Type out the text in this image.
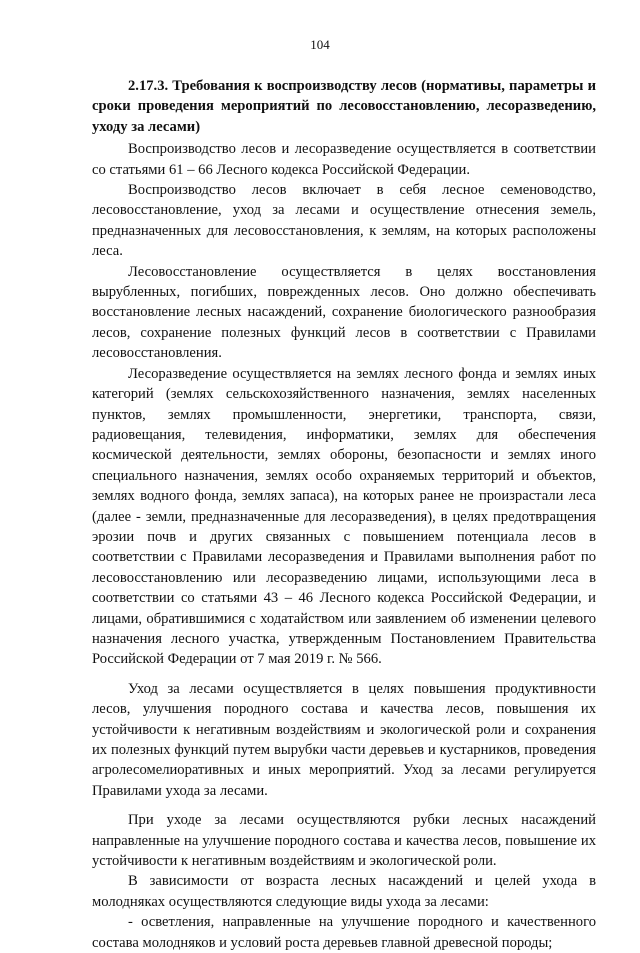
104

2.17.3. Требования к воспроизводству лесов (нормативы, параметры и сроки проведения мероприятий по лесовосстановлению, лесоразведению, уходу за лесами)

Воспроизводство лесов и лесоразведение осуществляется в соответствии со статьями 61 – 66 Лесного кодекса Российской Федерации.

Воспроизводство лесов включает в себя лесное семеноводство, лесовосстановление, уход за лесами и осуществление отнесения земель, предназначенных для лесовосстановления, к землям, на которых расположены леса.

Лесовосстановление осуществляется в целях восстановления вырубленных, погибших, поврежденных лесов. Оно должно обеспечивать восстановление лесных насаждений, сохранение биологического разнообразия лесов, сохранение полезных функций лесов в соответствии с Правилами лесовосстановления.

Лесоразведение осуществляется на землях лесного фонда и землях иных категорий (землях сельскохозяйственного назначения, землях населенных пунктов, землях промышленности, энергетики, транспорта, связи, радиовещания, телевидения, информатики, землях для обеспечения космической деятельности, землях обороны, безопасности и землях иного специального назначения, землях особо охраняемых территорий и объектов, землях водного фонда, землях запаса), на которых ранее не произрастали леса (далее - земли, предназначенные для лесоразведения), в целях предотвращения эрозии почв и других связанных с повышением потенциала лесов в соответствии с Правилами лесоразведения и Правилами выполнения работ по лесовосстановлению или лесоразведению лицами, использующими леса в соответствии со статьями 43 – 46 Лесного кодекса Российской Федерации, и лицами, обратившимися с ходатайством или заявлением об изменении целевого назначения лесного участка, утвержденным Постановлением Правительства Российской Федерации от 7 мая 2019 г. № 566.

Уход за лесами осуществляется в целях повышения продуктивности лесов, улучшения породного состава и качества лесов, повышения их устойчивости к негативным воздействиям и экологической роли и сохранения их полезных функций путем вырубки части деревьев и кустарников, проведения агролесомелиоративных и иных мероприятий. Уход за лесами регулируется Правилами ухода за лесами.

При уходе за лесами осуществляются рубки лесных насаждений направленные на улучшение породного состава и качества лесов, повышение их устойчивости к негативным воздействиям и экологической роли.

В зависимости от возраста лесных насаждений и целей ухода в молодняках осуществляются следующие виды ухода за лесами:

- осветления, направленные на улучшение породного и качественного состава молодняков и условий роста деревьев главной древесной породы;
